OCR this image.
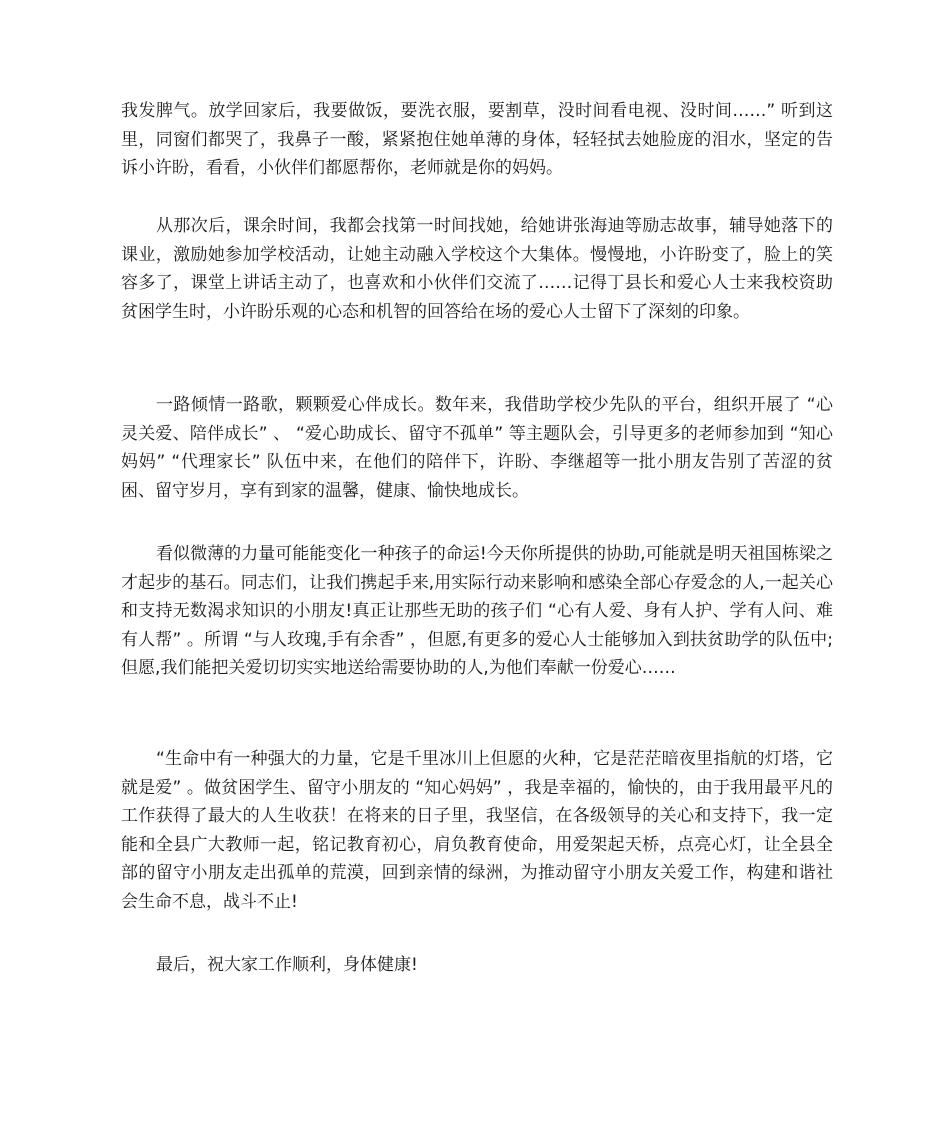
我发脾气。放学回家后，我要做饭，要洗衣服，要割草，没时间看电视、没时间……” 听到这里，同窗们都哭了，我鼻子一酸，紧紧抱住她单薄的身体，轻轻拭去她脸庞的泪水，坚定的告诉小许盼，看看，小伙伴们都愿帮你，老师就是你的妈妈。

从那次后，课余时间，我都会找第一时间找她，给她讲张海迪等励志故事，辅导她落下的课业，激励她参加学校活动，让她主动融入学校这个大集体。慢慢地，小许盼变了，脸上的笑容多了，课堂上讲话主动了，也喜欢和小伙伴们交流了……记得丁县长和爱心人士来我校资助贫困学生时，小许盼乐观的心态和机智的回答给在场的爱心人士留下了深刻的印象。

一路倾情一路歌，颗颗爱心伴成长。数年来，我借助学校少先队的平台，组织开展了 “心灵关爱、陪伴成长” 、 “爱心助成长、留守不孤单” 等主题队会，引导更多的老师参加到 “知心妈妈” “代理家长” 队伍中来，在他们的陪伴下，许盼、李继超等一批小朋友告别了苦涩的贫困、留守岁月，享有到家的温馨，健康、愉快地成长。

看似微薄的力量可能能变化一种孩子的命运!今天你所提供的协助,可能就是明天祖国栋梁之才起步的基石。同志们，让我们携起手来,用实际行动来影响和感染全部心存爱念的人,一起关心和支持无数渴求知识的小朋友!真正让那些无助的孩子们 “心有人爱、身有人护、学有人问、难有人帮” 。所谓 “与人玫瑰,手有余香” ，但愿,有更多的爱心人士能够加入到扶贫助学的队伍中;但愿,我们能把关爱切切实实地送给需要协助的人,为他们奉献一份爱心……

“生命中有一种强大的力量，它是千里冰川上但愿的火种，它是茫茫暗夜里指航的灯塔，它就是爱” 。做贫困学生、留守小朋友的 “知心妈妈” ，我是幸福的，愉快的，由于我用最平凡的工作获得了最大的人生收获！在将来的日子里，我坚信，在各级领导的关心和支持下，我一定能和全县广大教师一起，铭记教育初心，肩负教育使命，用爱架起天桥，点亮心灯，让全县全部的留守小朋友走出孤单的荒漠，回到亲情的绿洲，为推动留守小朋友关爱工作，构建和谐社会生命不息，战斗不止!

最后，祝大家工作顺利，身体健康!
